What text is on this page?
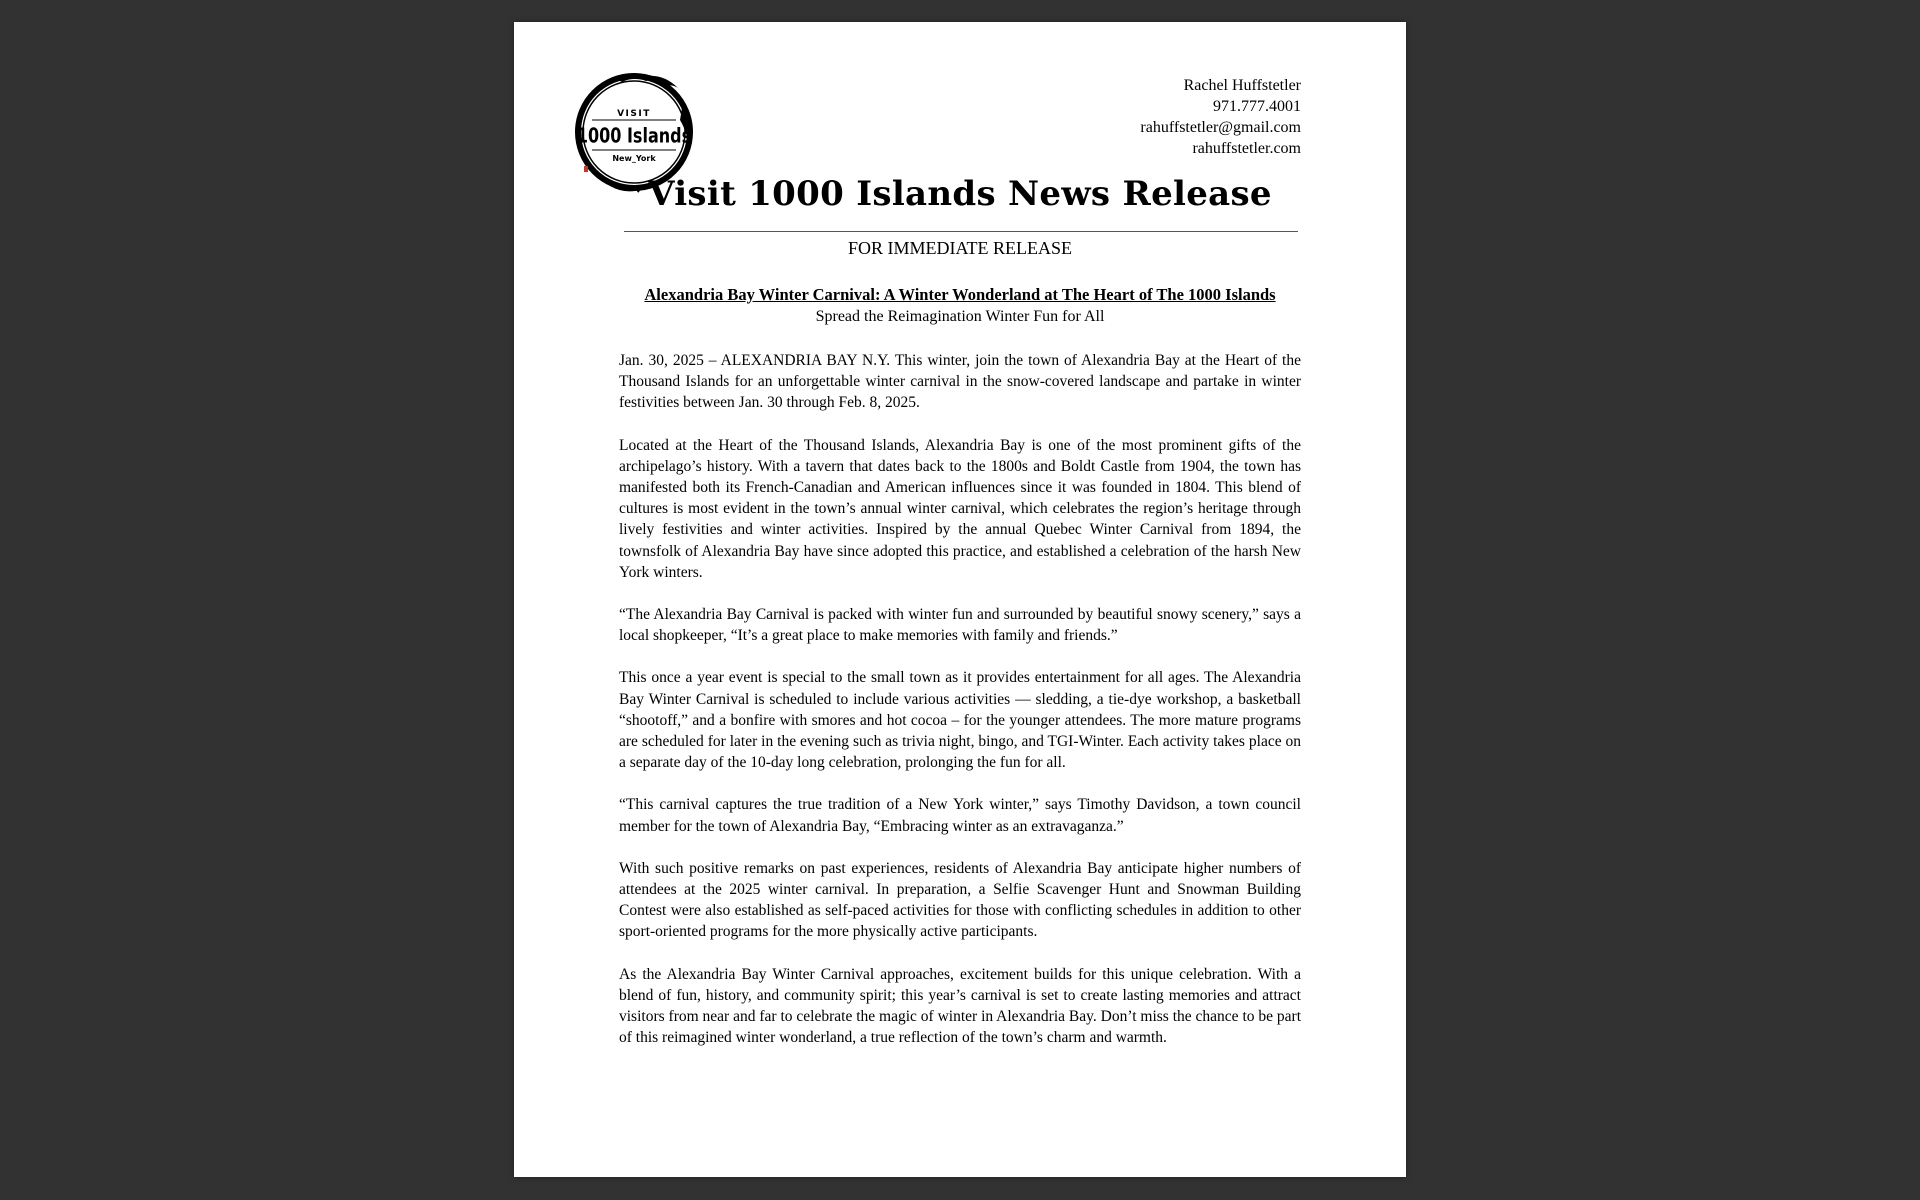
VISIT
1000 Islands
New_York
Rachel Huffstetler
971.777.4001
rahuffstetler@gmail.com
rahuffstetler.com
Visit 1000 Islands News Release
FOR IMMEDIATE RELEASE
Alexandria Bay Winter Carnival: A Winter Wonderland at The Heart of The 1000 Islands
Spread the Reimagination Winter Fun for All

Jan. 30, 2025 – ALEXANDRIA BAY N.Y. This winter, join the town of Alexandria Bay at the Heart of the Thousand Islands for an unforgettable winter carnival in the snow-covered landscape and partake in winter festivities between Jan. 30 through Feb. 8, 2025.

Located at the Heart of the Thousand Islands, Alexandria Bay is one of the most prominent gifts of the archipelago’s history. With a tavern that dates back to the 1800s and Boldt Castle from 1904, the town has manifested both its French-Canadian and American influences since it was founded in 1804. This blend of cultures is most evident in the town’s annual winter carnival, which celebrates the region’s heritage through lively festivities and winter activities. Inspired by the annual Quebec Winter Carnival from 1894, the townsfolk of Alexandria Bay have since adopted this practice, and established a celebration of the harsh New York winters.

“The Alexandria Bay Carnival is packed with winter fun and surrounded by beautiful snowy scenery,” says a local shopkeeper, “It’s a great place to make memories with family and friends.”

This once a year event is special to the small town as it provides entertainment for all ages. The Alexandria Bay Winter Carnival is scheduled to include various activities — sledding, a tie-dye workshop, a basketball “shootoff,” and a bonfire with smores and hot cocoa – for the younger attendees. The more mature programs are scheduled for later in the evening such as trivia night, bingo, and TGI-Winter. Each activity takes place on a separate day of the 10-day long celebration, prolonging the fun for all.

“This carnival captures the true tradition of a New York winter,” says Timothy Davidson, a town council member for the town of Alexandria Bay, “Embracing winter as an extravaganza.”

With such positive remarks on past experiences, residents of Alexandria Bay anticipate higher numbers of attendees at the 2025 winter carnival. In preparation, a Selfie Scavenger Hunt and Snowman Building Contest were also established as self-paced activities for those with conflicting schedules in addition to other sport-oriented programs for the more physically active participants.

As the Alexandria Bay Winter Carnival approaches, excitement builds for this unique celebration. With a blend of fun, history, and community spirit; this year’s carnival is set to create lasting memories and attract visitors from near and far to celebrate the magic of winter in Alexandria Bay. Don’t miss the chance to be part of this reimagined winter wonderland, a true reflection of the town’s charm and warmth.
